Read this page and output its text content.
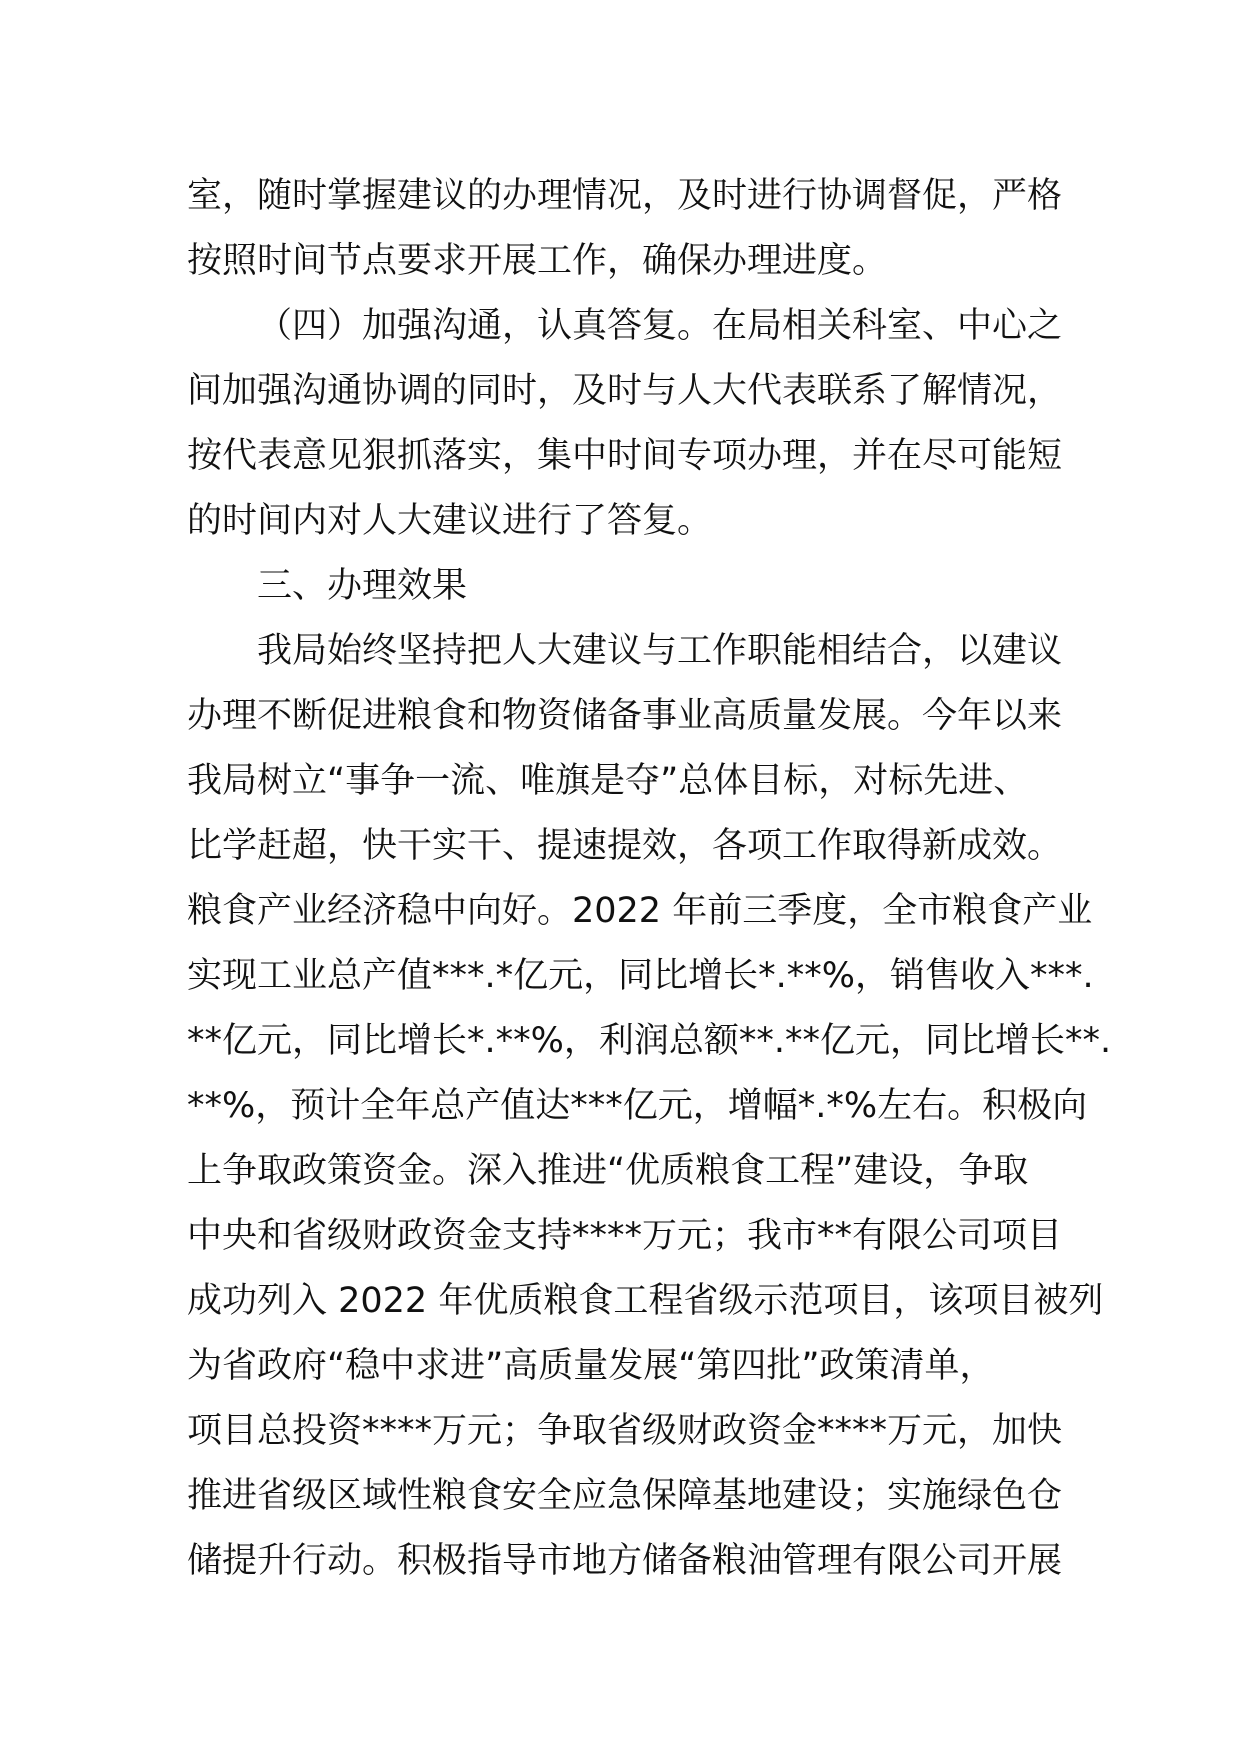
室，随时掌握建议的办理情况，及时进行协调督促，严格
按照时间节点要求开展工作，确保办理进度。
（四）加强沟通，认真答复。在局相关科室、中心之
间加强沟通协调的同时，及时与人大代表联系了解情况，
按代表意见狠抓落实，集中时间专项办理，并在尽可能短
的时间内对人大建议进行了答复。
三、办理效果
我局始终坚持把人大建议与工作职能相结合，以建议
办理不断促进粮食和物资储备事业高质量发展。今年以来
我局树立“事争一流、唯旗是夺”总体目标，对标先进、
比学赶超，快干实干、提速提效，各项工作取得新成效。
粮食产业经济稳中向好。2022 年前三季度，全市粮食产业
实现工业总产值***.*亿元，同比增长*.**%，销售收入***.
**亿元，同比增长*.**%，利润总额**.**亿元，同比增长**.
**%，预计全年总产值达***亿元，增幅*.*%左右。积极向
上争取政策资金。深入推进“优质粮食工程”建设，争取
中央和省级财政资金支持****万元；我市**有限公司项目
成功列入 2022 年优质粮食工程省级示范项目，该项目被列
为省政府“稳中求进”高质量发展“第四批”政策清单，
项目总投资****万元；争取省级财政资金****万元，加快
推进省级区域性粮食安全应急保障基地建设；实施绿色仓
储提升行动。积极指导市地方储备粮油管理有限公司开展
